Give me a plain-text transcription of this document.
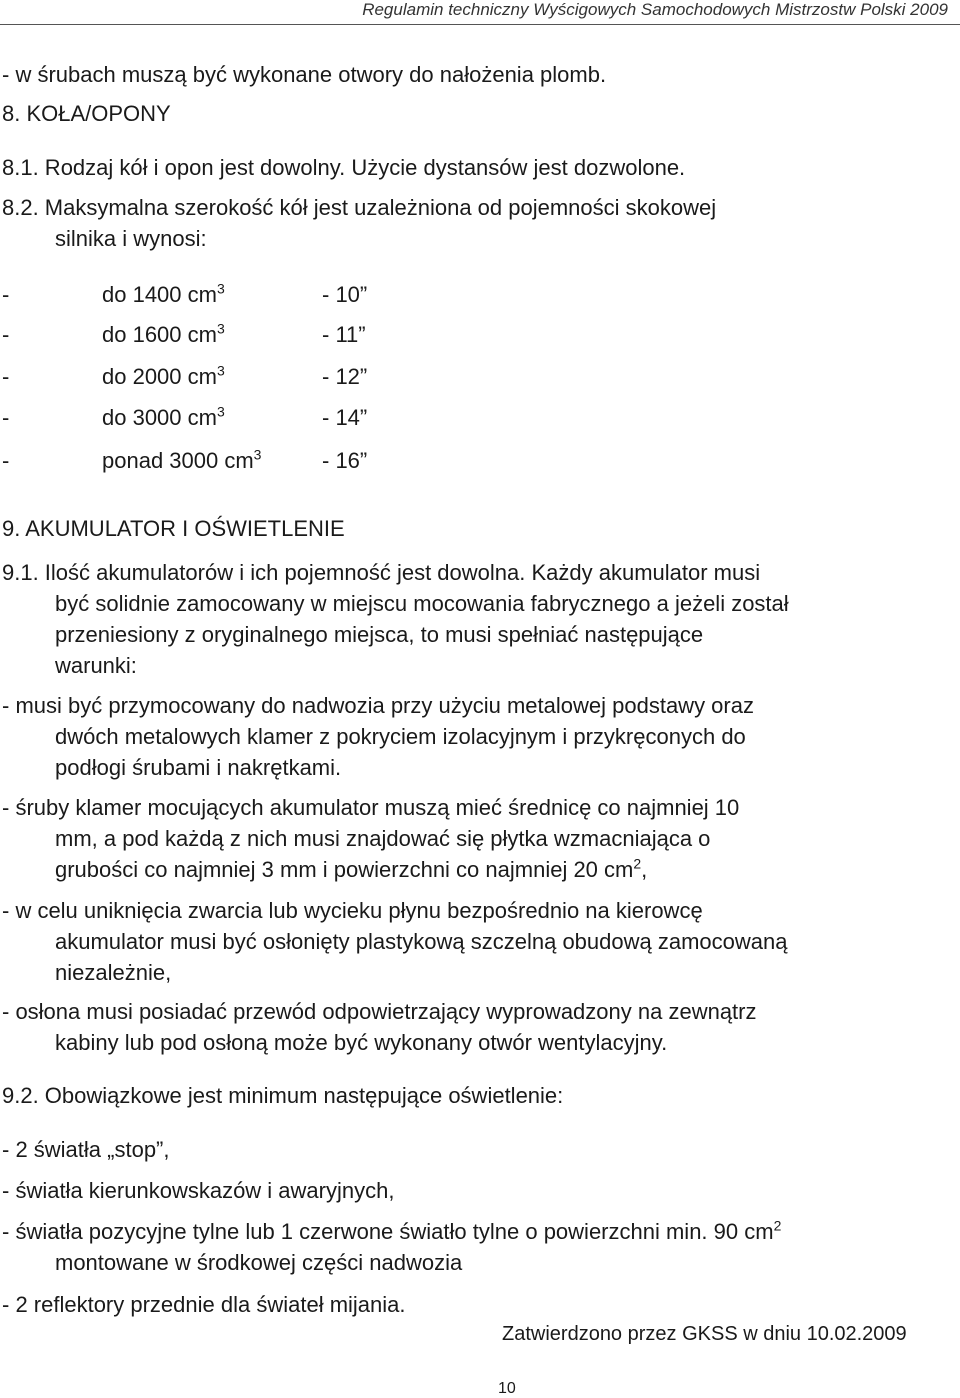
Regulamin techniczny Wyścigowych Samochodowych Mistrzostw Polski 2009
- w śrubach muszą być wykonane otwory do nałożenia plomb.
8. KOŁA/OPONY
8.1. Rodzaj kół i opon jest dowolny. Użycie dystansów jest dozwolone.
8.2. Maksymalna szerokość kół jest uzależniona od pojemności skokowej
silnika i wynosi:
-	do 1400 $cm^3$	- 10”
-	do 1600 $cm^3$	- 11”
-	do 2000 $cm^3$	- 12”
-	do 3000 $cm^3$	- 14”
-	ponad 3000 $cm^3$	- 16”
9. AKUMULATOR I OŚWIETLENIE
9.1. Ilość akumulatorów i ich pojemność jest dowolna. Każdy akumulator musi
być solidnie zamocowany w miejscu mocowania fabrycznego a jeżeli został
przeniesiony z oryginalnego miejsca, to musi spełniać następujące
warunki:
- musi być przymocowany do nadwozia przy użyciu metalowej podstawy oraz
dwóch metalowych klamer z pokryciem izolacyjnym i przykręconych do
podłogi śrubami i nakrętkami.
- śruby klamer mocujących akumulator muszą mieć średnicę co najmniej 10
mm, a pod każdą z nich musi znajdować się płytka wzmacniająca o
grubości co najmniej 3 mm i powierzchni co najmniej 20 $cm^2$,
- w celu uniknięcia zwarcia lub wycieku płynu bezpośrednio na kierowcę
akumulator musi być osłonięty plastykową szczelną obudową zamocowaną
niezależnie,
- osłona musi posiadać przewód odpowietrzający wyprowadzony na zewnątrz
kabiny lub pod osłoną może być wykonany otwór wentylacyjny.
9.2. Obowiązkowe jest minimum następujące oświetlenie:
- 2 światła „stop”,
- światła kierunkowskazów i awaryjnych,
- światła pozycyjne tylne lub 1 czerwone światło tylne o powierzchni min. 90 $cm^2$
montowane w środkowej części nadwozia
- 2 reflektory przednie dla świateł mijania.
Zatwierdzono przez GKSS w dniu 10.02.2009
10
